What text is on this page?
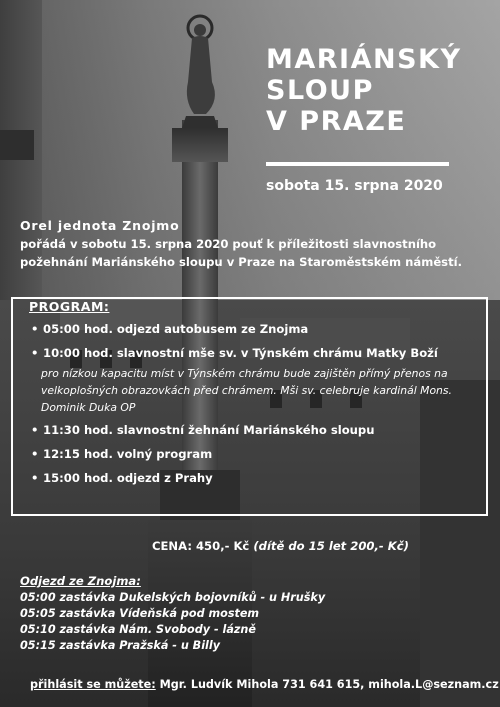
MARIÁNSKÝ
SLOUP
V PRAZE
sobota 15. srpna 2020
Orel jednota Znojmo
pořádá v sobotu 15. srpna 2020 pouť k příležitosti slavnostního požehnání Mariánského sloupu v Praze na Staroměstském náměstí.
PROGRAM:
• 05:00 hod. odjezd autobusem ze Znojma
• 10:00 hod. slavnostní mše sv. v Týnském chrámu Matky Boží
pro nízkou kapacitu míst v Týnském chrámu bude zajištěn přímý přenos na velkoplošných obrazovkách před chrámem. Mši sv. celebruje kardinál Mons. Dominik Duka OP
• 11:30 hod. slavnostní žehnání Mariánského sloupu
• 12:15 hod. volný program
• 15:00 hod. odjezd z Prahy
CENA: 450,- Kč (dítě do 15 let 200,- Kč)
Odjezd ze Znojma:
05:00 zastávka Dukelských bojovníků - u Hrušky
05:05 zastávka Vídeňská pod mostem
05:10 zastávka Nám. Svobody - lázně
05:15 zastávka Pražská - u Billy
přihlásit se můžete: Mgr. Ludvík Mihola 731 641 615, mihola.L@seznam.cz
